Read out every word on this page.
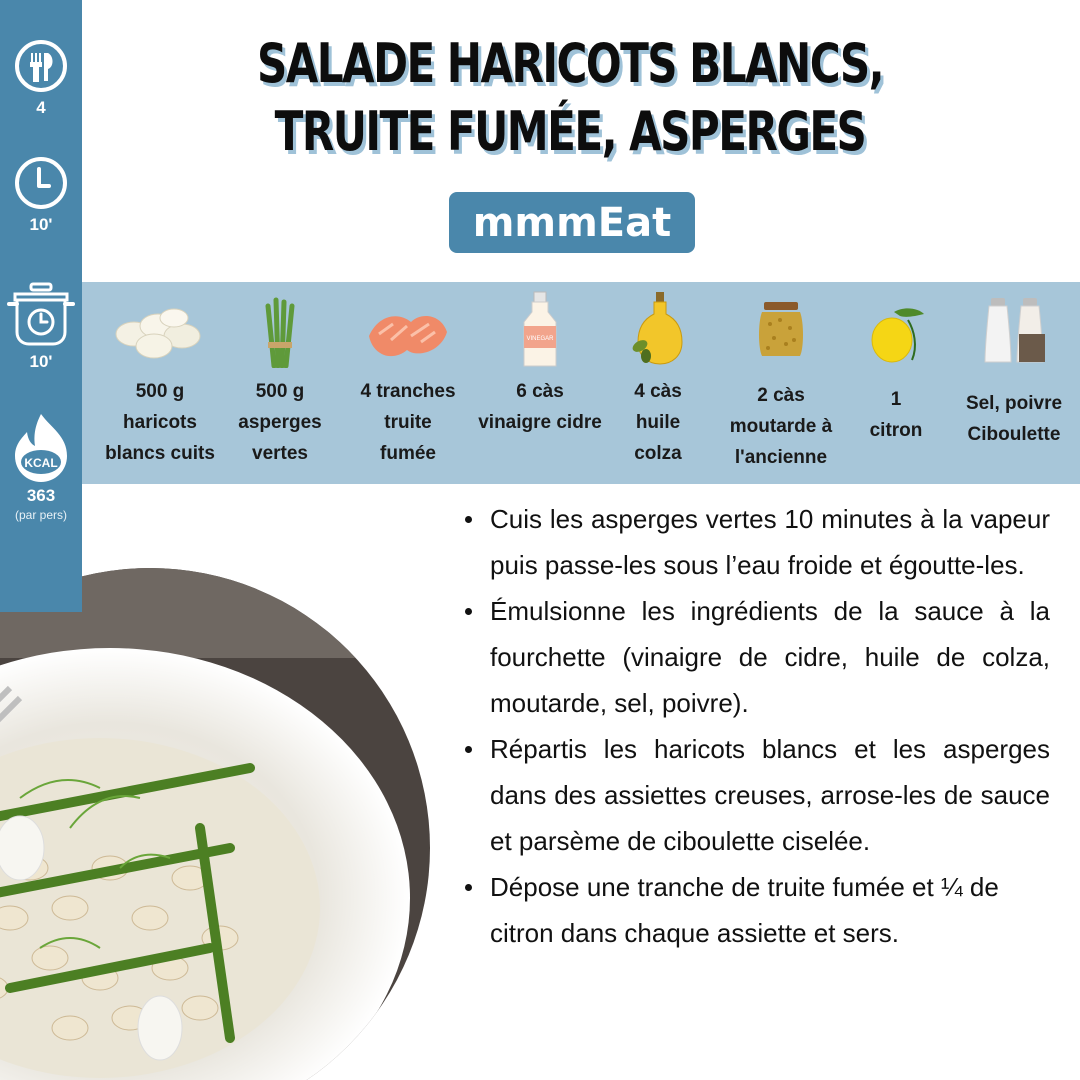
4
10'
10'
KCAL
363
(par pers)
SALADE HARICOTS BLANCS, TRUITE FUMÉE, ASPERGES
mmmEat
500 g
haricots
blancs cuits
500 g
asperges
vertes
4 tranches
truite
fumée
VINEGAR
6 càs
vinaigre cidre
4 càs
huile
colza
2 càs
moutarde à
l'ancienne
1
citron
Sel, poivre
Ciboulette
Cuis les asperges vertes 10 minutes à la vapeur puis passe-les sous l’eau froide et égoutte-les.
Émulsionne les ingrédients de la sauce à la fourchette (vinaigre de cidre, huile de colza, moutarde, sel, poivre).
Répartis les haricots blancs et les asperges dans des assiettes creuses, arrose-les de sauce et parsème de ciboulette ciselée.
Dépose une tranche de truite fumée et ¼ de citron dans chaque assiette et sers.
